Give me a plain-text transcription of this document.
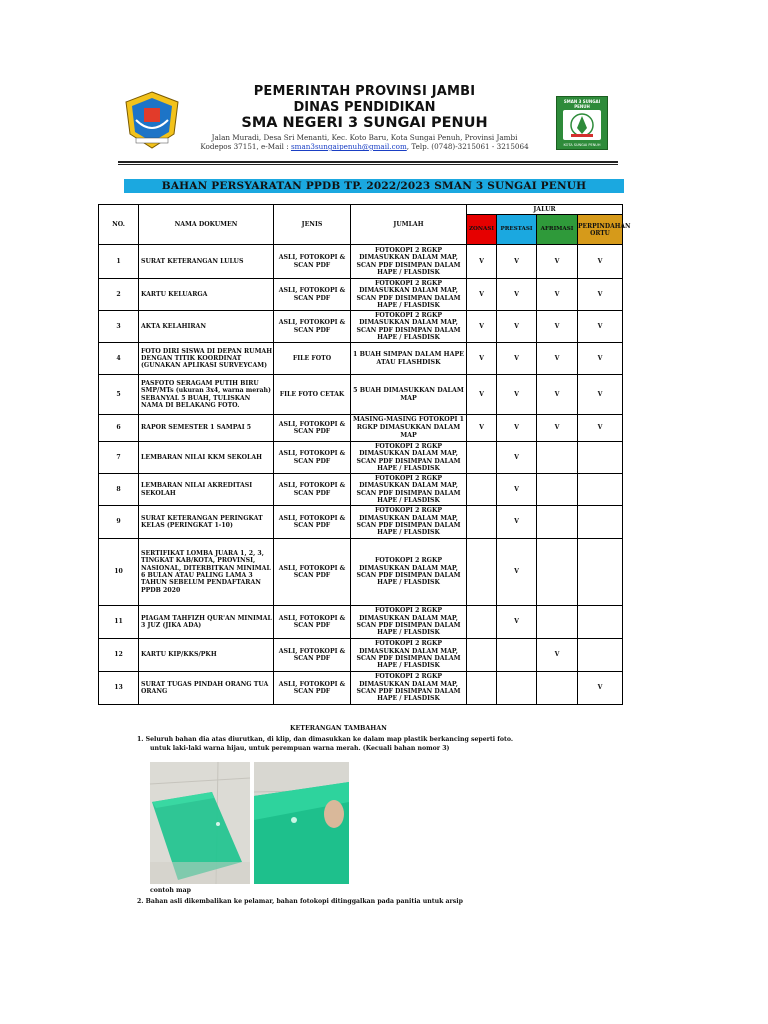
PEMERINTAH PROVINSI JAMBI
DINAS PENDIDIKAN
SMA NEGERI 3 SUNGAI PENUH
Jalan Muradi, Desa Sri Menanti, Kec. Koto Baru, Kota Sungai Penuh, Provinsi Jambi
Kodepos 37151, e-Mail : sman3sungaipenuh@gmail.com, Telp. (0748)-3215061 - 3215064
SMAN 3 SUNGAI PENUH
KOTA SUNGAI PENUH
BAHAN PERSYARATAN PPDB TP. 2022/2023 SMAN 3 SUNGAI PENUH
NO.	NAMA DOKUMEN	JENIS	JUMLAH	JALUR			
				ZONASI	PRESTASI	AFRIMASI	PERPINDAHAN ORTU
1	SURAT KETERANGAN LULUS	ASLI, FOTOKOPI & SCAN PDF	FOTOKOPI 2 RGKP DIMASUKKAN DALAM MAP, SCAN PDF DISIMPAN DALAM HAPE / FLASDISK	V	V	V	V
2	KARTU KELUARGA	ASLI, FOTOKOPI & SCAN PDF	FOTOKOPI 2 RGKP DIMASUKKAN DALAM MAP, SCAN PDF DISIMPAN DALAM HAPE / FLASDISK	V	V	V	V
3	AKTA KELAHIRAN	ASLI, FOTOKOPI & SCAN PDF	FOTOKOPI 2 RGKP DIMASUKKAN DALAM MAP, SCAN PDF DISIMPAN DALAM HAPE / FLASDISK	V	V	V	V
4	FOTO DIRI SISWA DI DEPAN RUMAH DENGAN TITIK KOORDINAT (GUNAKAN APLIKASI SURVEYCAM)	FILE FOTO	1 BUAH SIMPAN DALAM HAPE ATAU FLASHDISK	V	V	V	V
5	PASFOTO SERAGAM PUTIH BIRU SMP/MTs (ukuran 3x4, warna merah) SEBANYAL 5 BUAH, TULISKAN NAMA DI BELAKANG FOTO.	FILE FOTO CETAK	5 BUAH DIMASUKKAN DALAM MAP	V	V	V	V
6	RAPOR SEMESTER 1 SAMPAI 5	ASLI, FOTOKOPI & SCAN PDF	MASING-MASING FOTOKOPI 1 RGKP DIMASUKKAN DALAM MAP	V	V	V	V
7	LEMBARAN NILAI KKM SEKOLAH	ASLI, FOTOKOPI & SCAN PDF	FOTOKOPI 2 RGKP DIMASUKKAN DALAM MAP, SCAN PDF DISIMPAN DALAM HAPE / FLASDISK		V		
8	LEMBARAN NILAI AKREDITASI SEKOLAH	ASLI, FOTOKOPI & SCAN PDF	FOTOKOPI 2 RGKP DIMASUKKAN DALAM MAP, SCAN PDF DISIMPAN DALAM HAPE / FLASDISK		V		
9	SURAT KETERANGAN PERINGKAT KELAS (PERINGKAT 1-10)	ASLI, FOTOKOPI & SCAN PDF	FOTOKOPI 2 RGKP DIMASUKKAN DALAM MAP, SCAN PDF DISIMPAN DALAM HAPE / FLASDISK		V		
10	SERTIFIKAT LOMBA JUARA 1, 2, 3, TINGKAT KAB/KOTA, PROVINSI, NASIONAL, DITERBITKAN MINIMAL 6 BULAN ATAU PALING LAMA 3 TAHUN SEBELUM PENDAFTARAN PPDB 2020	ASLI, FOTOKOPI & SCAN PDF	FOTOKOPI 2 RGKP DIMASUKKAN DALAM MAP, SCAN PDF DISIMPAN DALAM HAPE / FLASDISK		V		
11	PIAGAM TAHFIZH QUR'AN MINIMAL 3 JUZ (JIKA ADA)	ASLI, FOTOKOPI & SCAN PDF	FOTOKOPI 2 RGKP DIMASUKKAN DALAM MAP, SCAN PDF DISIMPAN DALAM HAPE / FLASDISK		V		
12	KARTU KIP/KKS/PKH	ASLI, FOTOKOPI & SCAN PDF	FOTOKOPI 2 RGKP DIMASUKKAN DALAM MAP, SCAN PDF DISIMPAN DALAM HAPE / FLASDISK			V	
13	SURAT TUGAS PINDAH ORANG TUA ORANG	ASLI, FOTOKOPI & SCAN PDF	FOTOKOPI 2 RGKP DIMASUKKAN DALAM MAP, SCAN PDF DISIMPAN DALAM HAPE / FLASDISK				V
KETERANGAN TAMBAHAN
1. Seluruh bahan dia atas diurutkan, di klip, dan dimasukkan ke dalam map plastik berkancing seperti foto.
untuk laki-laki warna hijau, untuk perempuan warna merah. (Kecuali bahan nomor 3)
contoh map
2. Bahan asli dikembalikan ke pelamar, bahan fotokopi ditinggalkan pada panitia untuk arsip
